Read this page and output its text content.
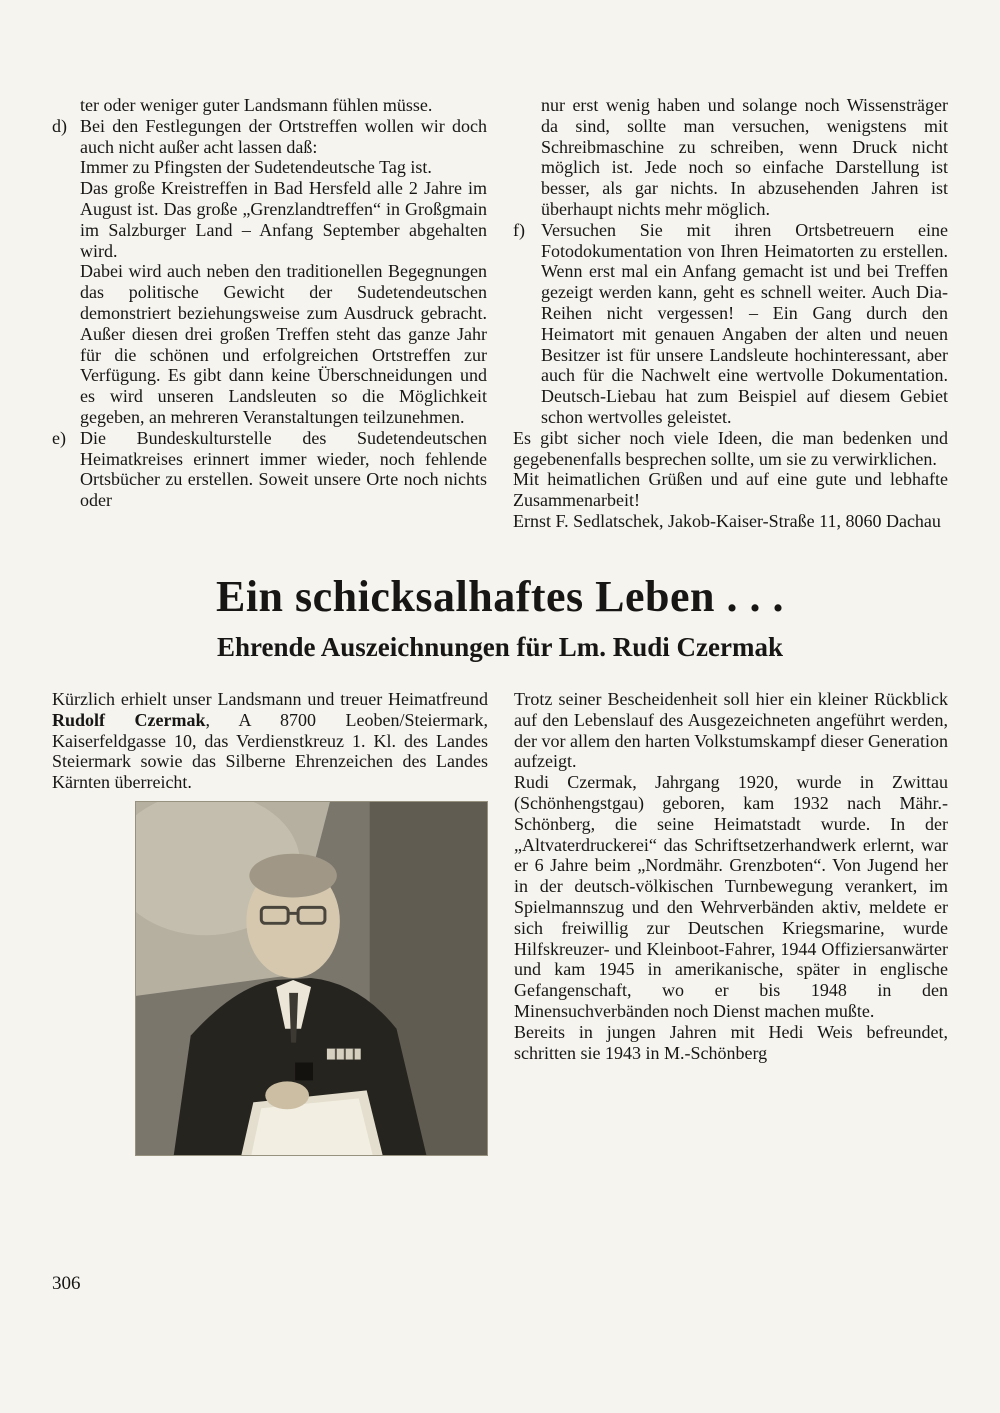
ter oder weniger guter Landsmann fühlen müsse.

d) Bei den Festlegungen der Ortstreffen wollen wir doch auch nicht außer acht lassen daß:

Immer zu Pfingsten der Sudetendeutsche Tag ist.

Das große Kreistreffen in Bad Hersfeld alle 2 Jahre im August ist. Das große „Grenzlandtreffen“ in Großgmain im Salzburger Land – Anfang September abgehalten wird.

Dabei wird auch neben den traditionellen Begegnungen das politische Gewicht der Sudetendeutschen demonstriert beziehungsweise zum Ausdruck gebracht. Außer diesen drei großen Treffen steht das ganze Jahr für die schönen und erfolgreichen Ortstreffen zur Verfügung. Es gibt dann keine Überschneidungen und es wird unseren Landsleuten so die Möglichkeit gegeben, an mehreren Veranstaltungen teilzunehmen.

e) Die Bundeskulturstelle des Sudetendeutschen Heimatkreises erinnert immer wieder, noch fehlende Ortsbücher zu erstellen. Soweit unsere Orte noch nichts oder

nur erst wenig haben und solange noch Wissensträger da sind, sollte man versuchen, wenigstens mit Schreibmaschine zu schreiben, wenn Druck nicht möglich ist. Jede noch so einfache Darstellung ist besser, als gar nichts. In abzusehenden Jahren ist überhaupt nichts mehr möglich.

f) Versuchen Sie mit ihren Ortsbetreuern eine Fotodokumentation von Ihren Heimatorten zu erstellen. Wenn erst mal ein Anfang gemacht ist und bei Treffen gezeigt werden kann, geht es schnell weiter. Auch Dia-Reihen nicht vergessen! – Ein Gang durch den Heimatort mit genauen Angaben der alten und neuen Besitzer ist für unsere Landsleute hochinteressant, aber auch für die Nachwelt eine wertvolle Dokumentation. Deutsch-Liebau hat zum Beispiel auf diesem Gebiet schon wertvolles geleistet.

Es gibt sicher noch viele Ideen, die man bedenken und gegebenenfalls besprechen sollte, um sie zu verwirklichen.

Mit heimatlichen Grüßen und auf eine gute und lebhafte Zusammenarbeit!

Ernst F. Sedlatschek, Jakob-Kaiser-Straße 11, 8060 Dachau

Ein schicksalhaftes Leben . . .
Ehrende Auszeichnungen für Lm. Rudi Czermak

Kürzlich erhielt unser Landsmann und treuer Heimatfreund Rudolf Czermak, A 8700 Leoben/Steiermark, Kaiserfeldgasse 10, das Verdienstkreuz 1. Kl. des Landes Steiermark sowie das Silberne Ehrenzeichen des Landes Kärnten überreicht.

Trotz seiner Bescheidenheit soll hier ein kleiner Rückblick auf den Lebenslauf des Ausgezeichneten angeführt werden, der vor allem den harten Volkstumskampf dieser Generation aufzeigt.

Rudi Czermak, Jahrgang 1920, wurde in Zwittau (Schönhengstgau) geboren, kam 1932 nach Mähr.-Schönberg, die seine Heimatstadt wurde. In der „Altvaterdruckerei“ das Schriftsetzerhandwerk erlernt, war er 6 Jahre beim „Nordmähr. Grenzboten“. Von Jugend her in der deutsch-völkischen Turnbewegung verankert, im Spielmannszug und den Wehrverbänden aktiv, meldete er sich freiwillig zur Deutschen Kriegsmarine, wurde Hilfskreuzer- und Kleinboot-Fahrer, 1944 Offiziersanwärter und kam 1945 in amerikanische, später in englische Gefangenschaft, wo er bis 1948 in den Minensuchverbänden noch Dienst machen mußte.

Bereits in jungen Jahren mit Hedi Weis befreundet, schritten sie 1943 in M.-Schönberg

306
